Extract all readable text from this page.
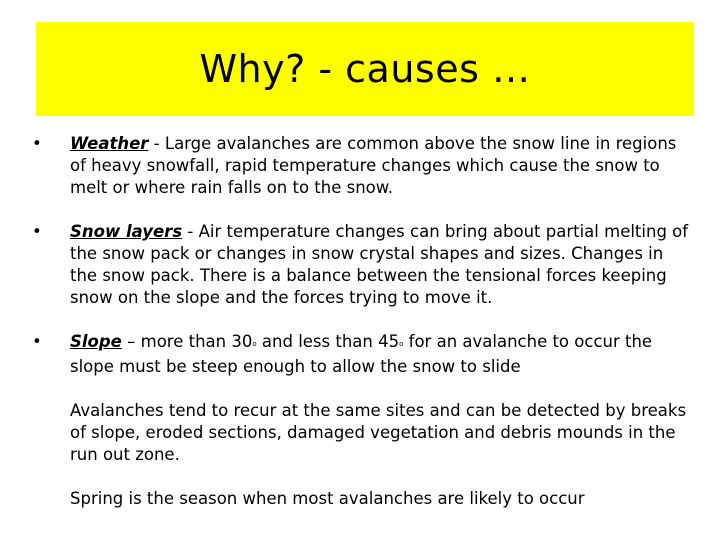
Why? - causes …
• Weather - Large avalanches are common above the snow line in regions of heavy snowfall, rapid temperature changes which cause the snow to melt or where rain falls on to the snow.
• Snow layers - Air temperature changes can bring about partial melting of the snow pack or changes in snow crystal shapes and sizes. Changes in the snow pack. There is a balance between the tensional forces keeping snow on the slope and the forces trying to move it.
• Slope – more than 30$^o$ and less than 45$^o$ for an avalanche to occur the slope must be steep enough to allow the snow to slide
Avalanches tend to recur at the same sites and can be detected by breaks of slope, eroded sections, damaged vegetation and debris mounds in the run out zone.
Spring is the season when most avalanches are likely to occur
